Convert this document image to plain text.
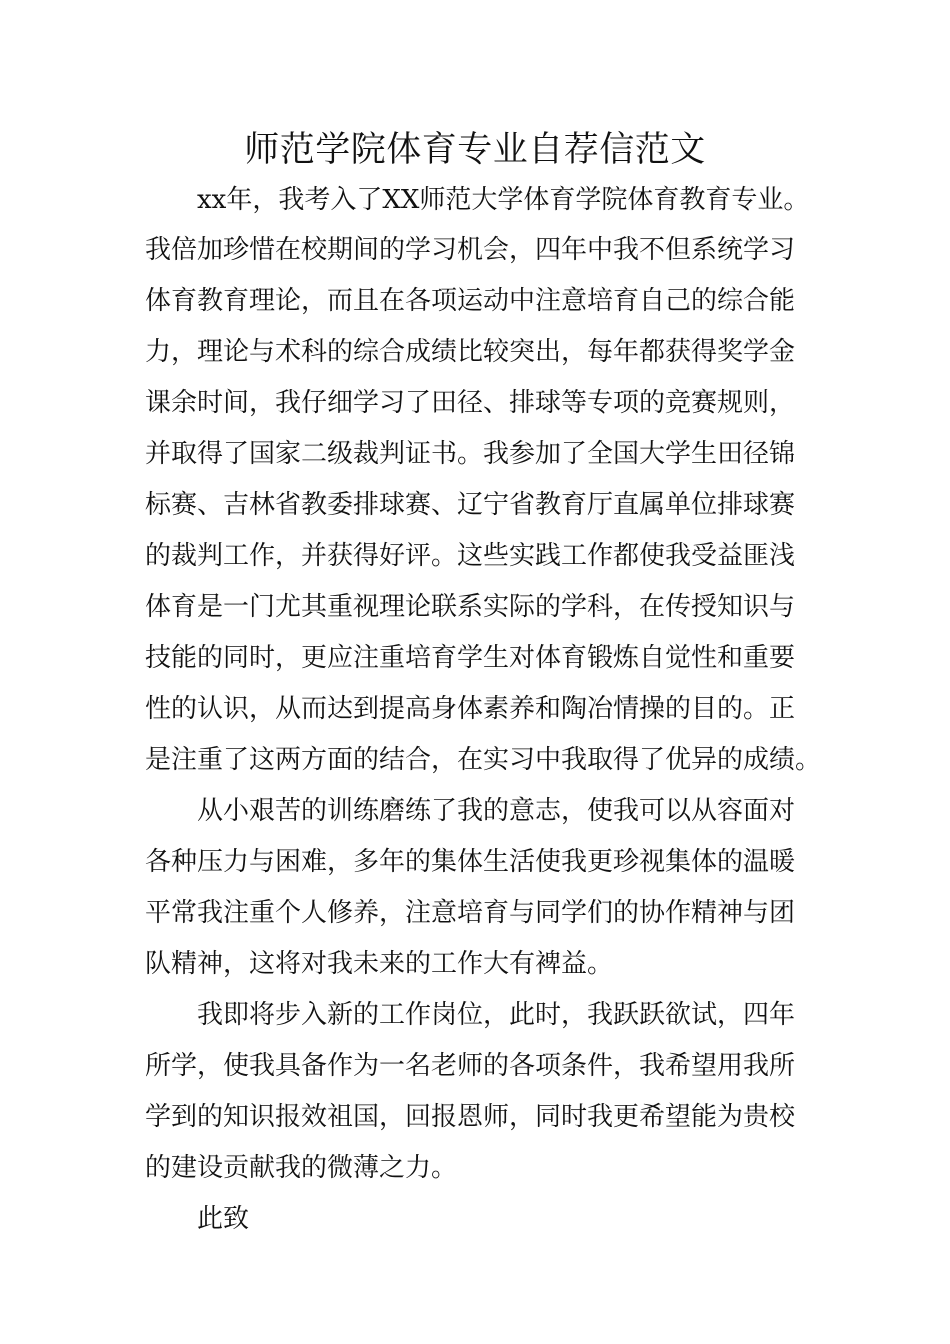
师范学院体育专业自荐信范文
xx年，我考入了XX师范大学体育学院体育教育专业。
我倍加珍惜在校期间的学习机会，四年中我不但系统学习
体育教育理论，而且在各项运动中注意培育自己的综合能
力，理论与术科的综合成绩比较突出，每年都获得奖学金
课余时间，我仔细学习了田径、排球等专项的竞赛规则，
并取得了国家二级裁判证书。我参加了全国大学生田径锦
标赛、吉林省教委排球赛、辽宁省教育厅直属单位排球赛
的裁判工作，并获得好评。这些实践工作都使我受益匪浅
体育是一门尤其重视理论联系实际的学科，在传授知识与
技能的同时，更应注重培育学生对体育锻炼自觉性和重要
性的认识，从而达到提高身体素养和陶冶情操的目的。正
是注重了这两方面的结合，在实习中我取得了优异的成绩。
从小艰苦的训练磨练了我的意志，使我可以从容面对
各种压力与困难，多年的集体生活使我更珍视集体的温暖
平常我注重个人修养，注意培育与同学们的协作精神与团
队精神，这将对我未来的工作大有裨益。
我即将步入新的工作岗位，此时，我跃跃欲试，四年
所学，使我具备作为一名老师的各项条件，我希望用我所
学到的知识报效祖国，回报恩师，同时我更希望能为贵校
的建设贡献我的微薄之力。
此致
